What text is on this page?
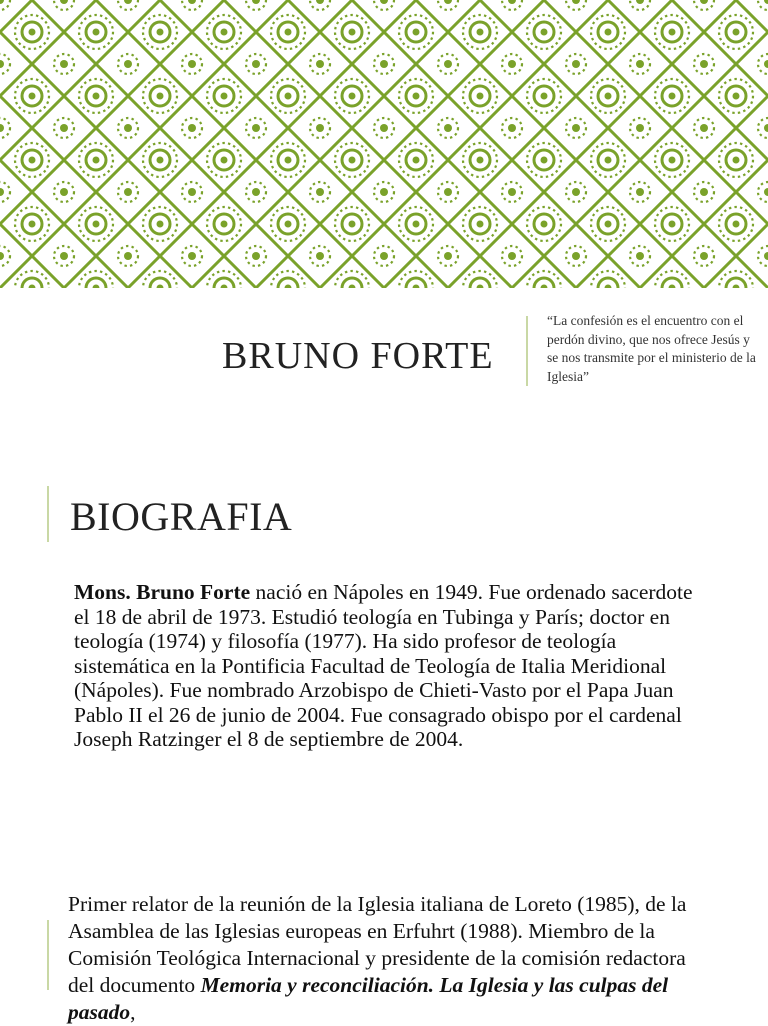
BRUNO FORTE
“La confesión es el encuentro con el perdón divino, que nos ofrece Jesús y se nos transmite por el ministerio de la Iglesia”
BIOGRAFIA
Mons. Bruno Forte nació en Nápoles en 1949. Fue ordenado sacerdote el 18 de abril de 1973. Estudió teología en Tubinga y París; doctor en teología (1974) y filosofía (1977). Ha sido profesor de teología sistemática en la Pontificia Facultad de Teología de Italia Meridional (Nápoles). Fue nombrado Arzobispo de Chieti-Vasto por el Papa Juan Pablo II el 26 de junio de 2004. Fue consagrado obispo por el cardenal Joseph Ratzinger el 8 de septiembre de 2004.
Primer relator de la reunión de la Iglesia italiana de Loreto (1985), de la Asamblea de las Iglesias europeas en Erfuhrt (1988). Miembro de la Comisión Teológica Internacional y presidente de la comisión redactora del documento Memoria y reconciliación. La Iglesia y las culpas del pasado,
